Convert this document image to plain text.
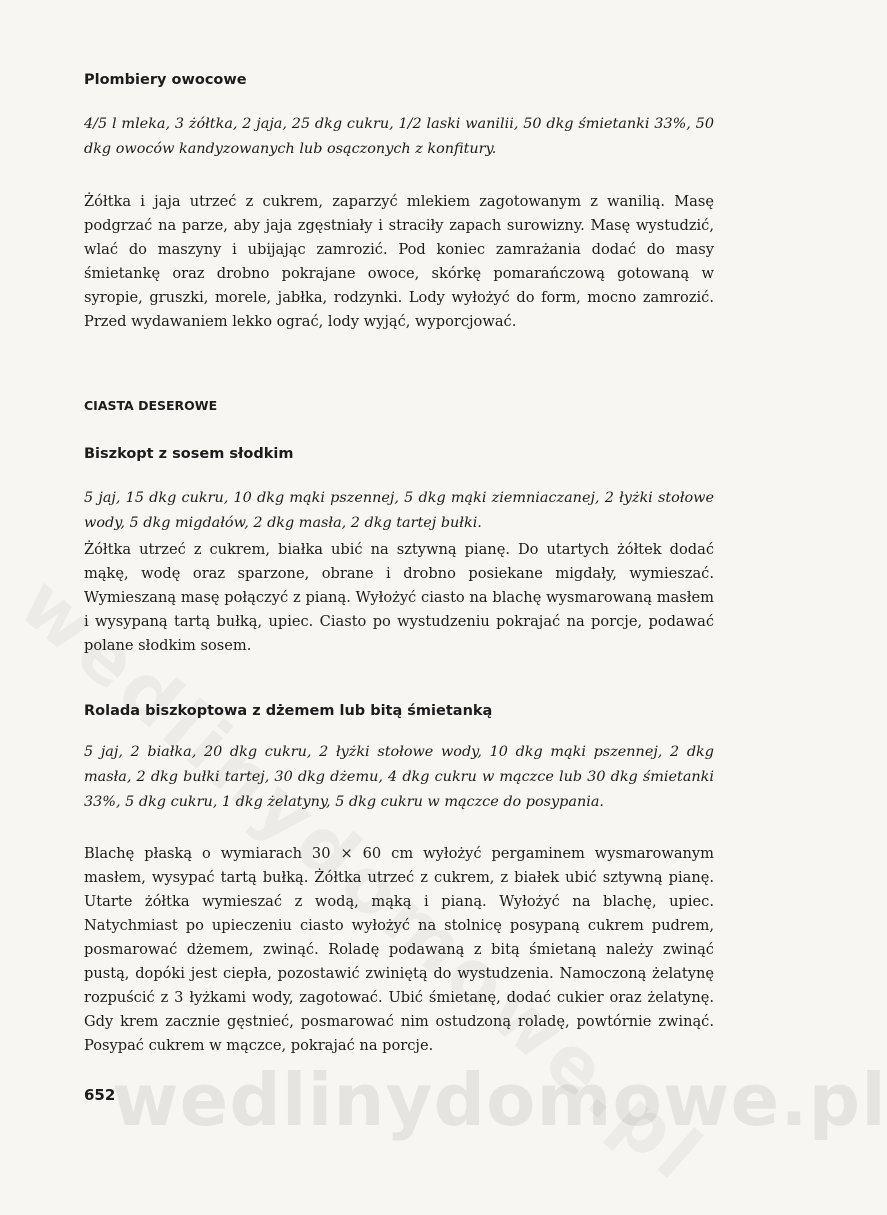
Plombiery owocowe

4/5 l mleka, 3 żółtka, 2 jaja, 25 dkg cukru, 1/2 laski wanilii, 50 dkg śmietanki 33%, 50 dkg owoców kandyzowanych lub osączonych z konfitury.

Żółtka i jaja utrzeć z cukrem, zaparzyć mlekiem zagotowanym z wanilią. Masę podgrzać na parze, aby jaja zgęstniały i straciły zapach surowizny. Masę wystudzić, wlać do maszyny i ubijając zamrozić. Pod koniec zamrażania dodać do masy śmietankę oraz drobno pokrajane owoce, skórkę pomarańczową gotowaną w syropie, gruszki, morele, jabłka, rodzynki. Lody wyłożyć do form, mocno zamrozić. Przed wydawaniem lekko ograć, lody wyjąć, wyporcjować.

CIASTA DESEROWE
Biszkopt z sosem słodkim

5 jaj, 15 dkg cukru, 10 dkg mąki pszennej, 5 dkg mąki ziemniaczanej, 2 łyżki stołowe wody, 5 dkg migdałów, 2 dkg masła, 2 dkg tartej bułki.

Żółtka utrzeć z cukrem, białka ubić na sztywną pianę. Do utartych żółtek dodać mąkę, wodę oraz sparzone, obrane i drobno posiekane migdały, wymieszać. Wymieszaną masę połączyć z pianą. Wyłożyć ciasto na blachę wysmarowaną masłem i wysypaną tartą bułką, upiec. Ciasto po wystudzeniu pokrajać na porcje, podawać polane słodkim sosem.

Rolada biszkoptowa z dżemem lub bitą śmietanką

5 jaj, 2 białka, 20 dkg cukru, 2 łyżki stołowe wody, 10 dkg mąki pszennej, 2 dkg masła, 2 dkg bułki tartej, 30 dkg dżemu, 4 dkg cukru w mączce lub 30 dkg śmietanki 33%, 5 dkg cukru, 1 dkg żelatyny, 5 dkg cukru w mączce do posypania.

Blachę płaską o wymiarach 30 × 60 cm wyłożyć pergaminem wysmarowanym masłem, wysypać tartą bułką. Żółtka utrzeć z cukrem, z białek ubić sztywną pianę. Utarte żółtka wymieszać z wodą, mąką i pianą. Wyłożyć na blachę, upiec. Natychmiast po upieczeniu ciasto wyłożyć na stolnicę posypaną cukrem pudrem, posmarować dżemem, zwinąć. Roladę podawaną z bitą śmietaną należy zwinąć pustą, dopóki jest ciepła, pozostawić zwiniętą do wystudzenia. Namoczoną żelatynę rozpuścić z 3 łyżkami wody, zagotować. Ubić śmietanę, dodać cukier oraz żelatynę. Gdy krem zacznie gęstnieć, posmarować nim ostudzoną roladę, powtórnie zwinąć. Posypać cukrem w mączce, pokrajać na porcje.

652
wedlinydomowe.pl
